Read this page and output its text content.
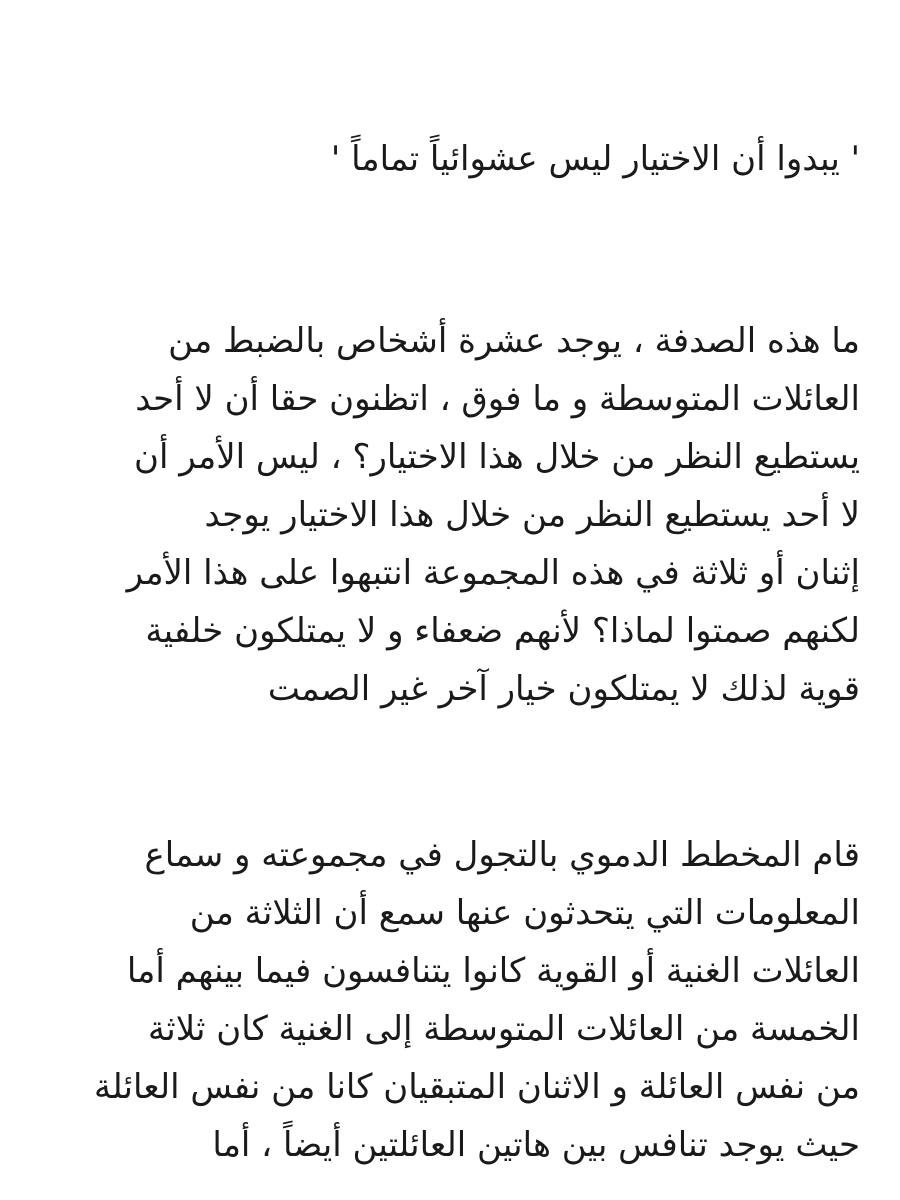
' يبدوا أن الاختيار ليس عشوائياً تماماً '

ما هذه الصدفة ، يوجد عشرة أشخاص بالضبط من
العائلات المتوسطة و ما فوق ، اتظنون حقا أن لا أحد
يستطيع النظر من خلال هذا الاختيار؟ ، ليس الأمر أن
لا أحد يستطيع النظر من خلال هذا الاختيار يوجد
إثنان أو ثلاثة في هذه المجموعة انتبهوا على هذا الأمر
لكنهم صمتوا لماذا؟ لأنهم ضعفاء و لا يمتلكون خلفية
قوية لذلك لا يمتلكون خيار آخر غير الصمت

قام المخطط الدموي بالتجول في مجموعته و سماع
المعلومات التي يتحدثون عنها سمع أن الثلاثة من
العائلات الغنية أو القوية كانوا يتنافسون فيما بينهم أما
الخمسة من العائلات المتوسطة إلى الغنية كان ثلاثة
من نفس العائلة و الاثنان المتبقيان كانا من نفس العائلة
حيث يوجد تنافس بين هاتين العائلتين أيضاً ، أما
